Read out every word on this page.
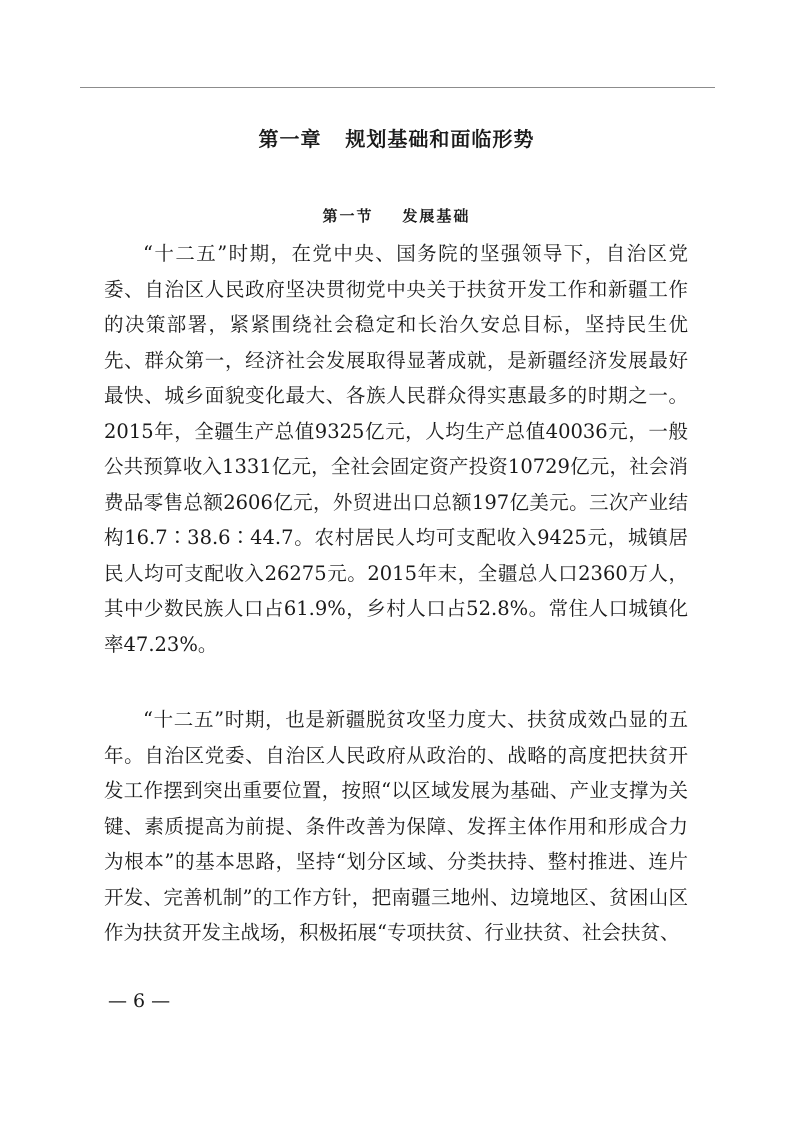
第一章   规划基础和面临形势
第一节    发展基础

“十二五”时期，在党中央、国务院的坚强领导下，自治区党委、自治区人民政府坚决贯彻党中央关于扶贫开发工作和新疆工作的决策部署，紧紧围绕社会稳定和长治久安总目标，坚持民生优先、群众第一，经济社会发展取得显著成就，是新疆经济发展最好最快、城乡面貌变化最大、各族人民群众得实惠最多的时期之一。2015年，全疆生产总值9325亿元，人均生产总值40036元，一般公共预算收入1331亿元，全社会固定资产投资10729亿元，社会消费品零售总额2606亿元，外贸进出口总额197亿美元。三次产业结构16.7∶38.6∶44.7。农村居民人均可支配收入9425元，城镇居民人均可支配收入26275元。2015年末，全疆总人口2360万人，其中少数民族人口占61.9%，乡村人口占52.8%。常住人口城镇化率47.23%。

“十二五”时期，也是新疆脱贫攻坚力度大、扶贫成效凸显的五年。自治区党委、自治区人民政府从政治的、战略的高度把扶贫开发工作摆到突出重要位置，按照“以区域发展为基础、产业支撑为关键、素质提高为前提、条件改善为保障、发挥主体作用和形成合力为根本”的基本思路，坚持“划分区域、分类扶持、整村推进、连片开发、完善机制”的工作方针，把南疆三地州、边境地区、贫困山区作为扶贫开发主战场，积极拓展“专项扶贫、行业扶贫、社会扶贫、

— 6 —
